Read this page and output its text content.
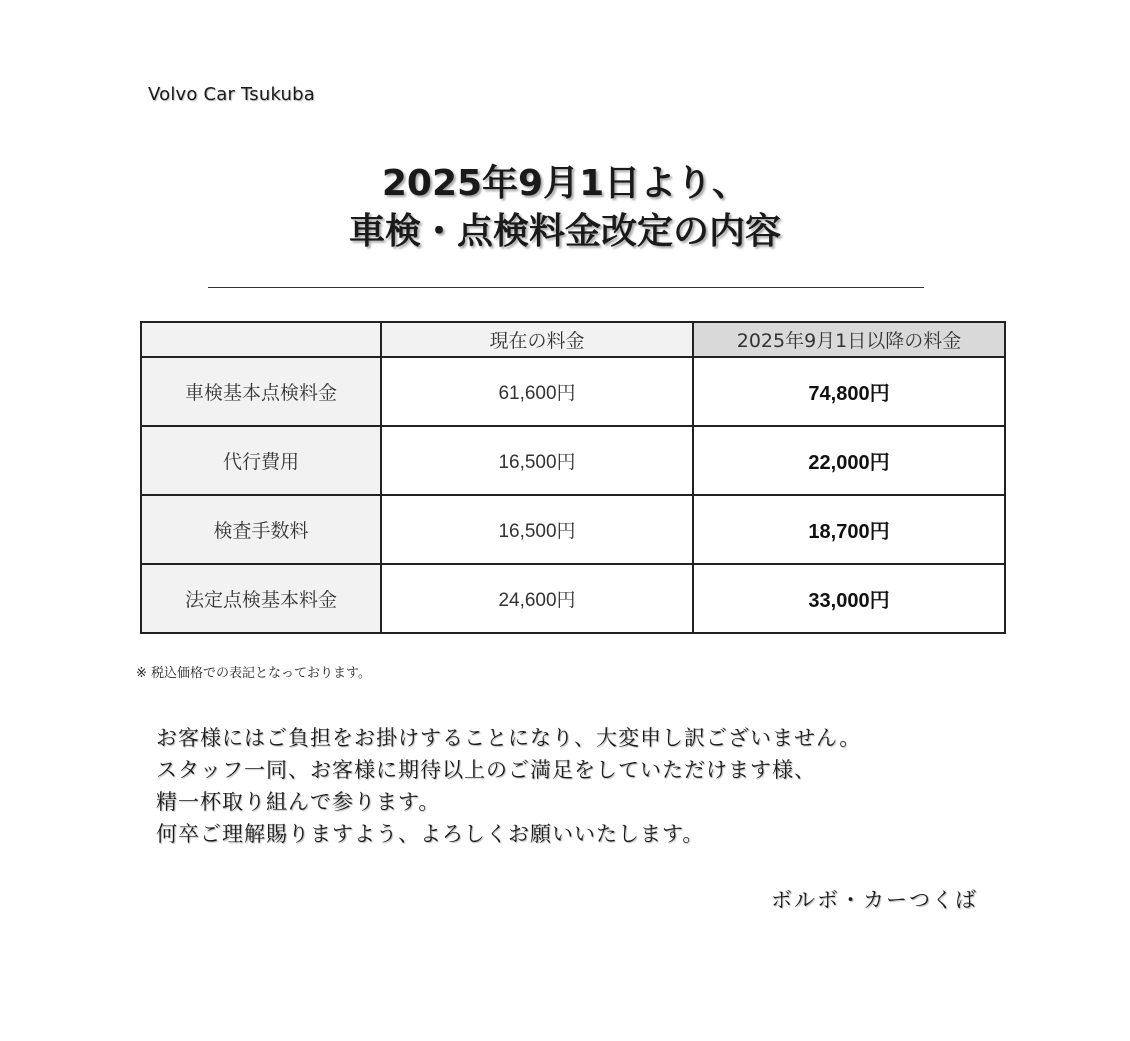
Volvo Car Tsukuba
2025年9月1日より、
車検・点検料金改定の内容
	現在の料金	2025年9月1日以降の料金
車検基本点検料金	61,600円	74,800円
代行費用	16,500円	22,000円
検査手数料	16,500円	18,700円
法定点検基本料金	24,600円	33,000円
※ 税込価格での表記となっております。
お客様にはご負担をお掛けすることになり、大変申し訳ございません。
スタッフ一同、お客様に期待以上のご満足をしていただけます様、
精一杯取り組んで参ります。
何卒ご理解賜りますよう、よろしくお願いいたします。
ボルボ・カーつくば
